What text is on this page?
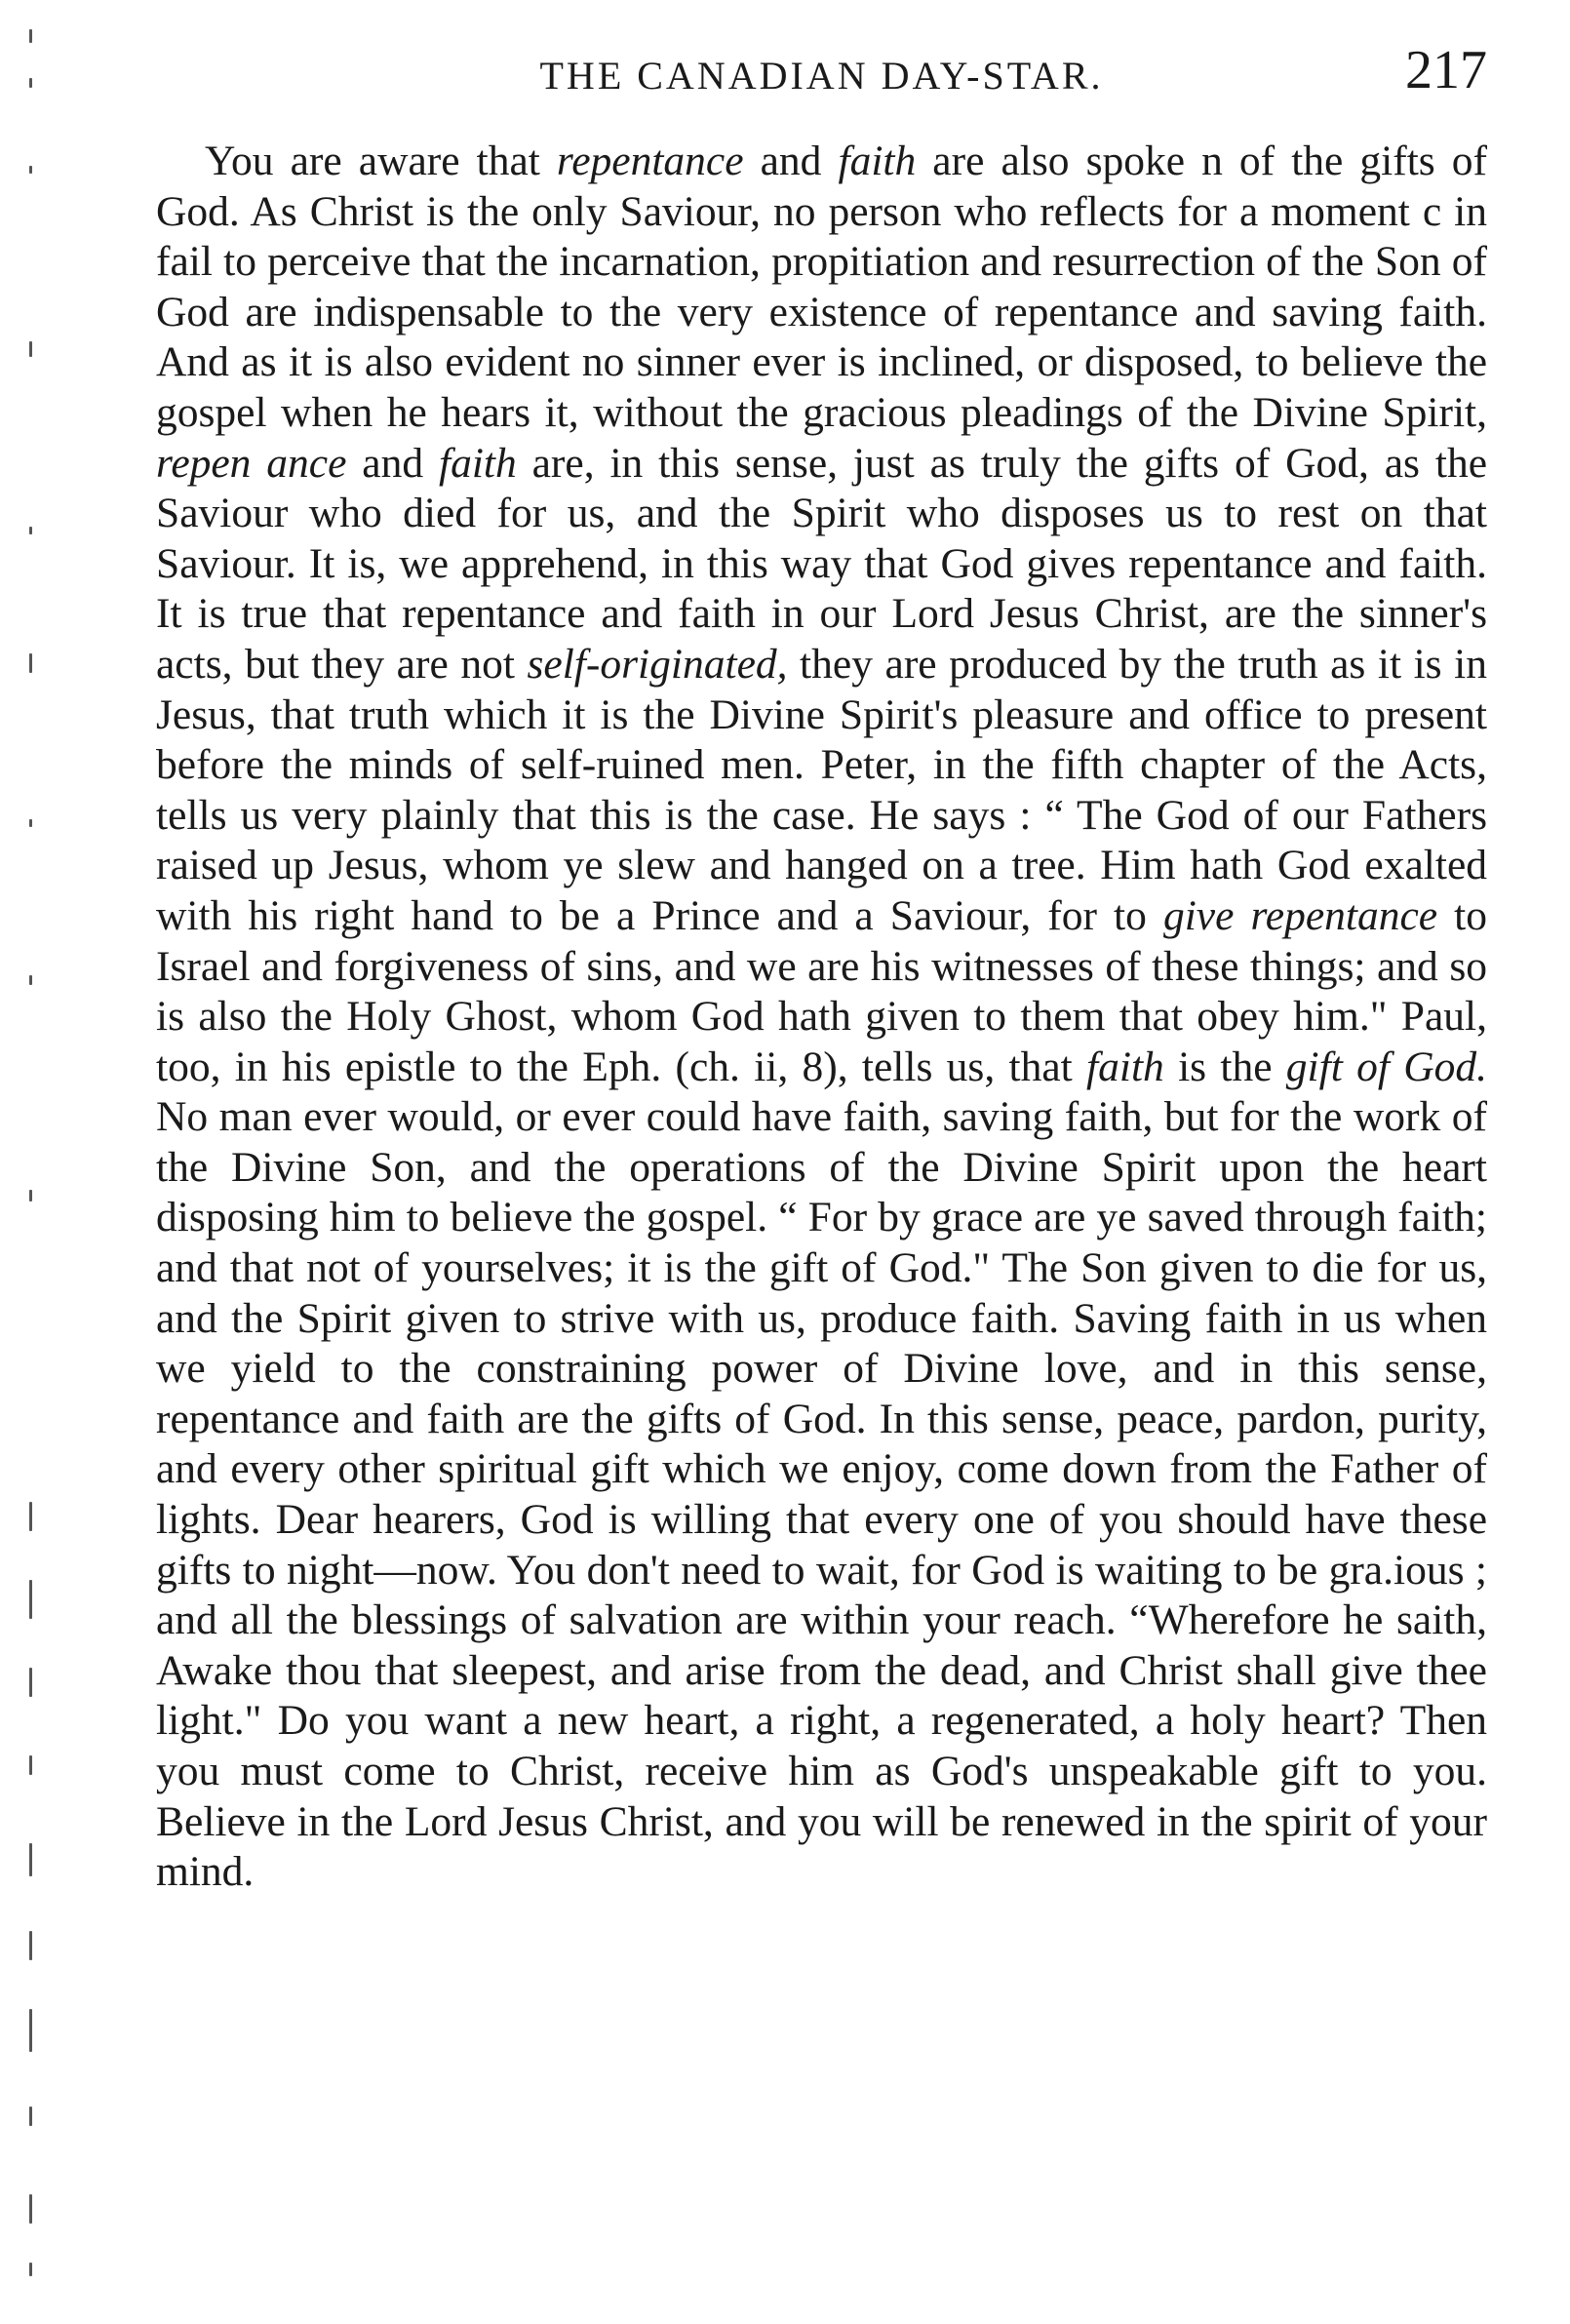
THE CANADIAN DAY-STAR.	217

You are aware that repentance and faith are also spoke n of the gifts of God. As Christ is the only Saviour, no person who reflects for a moment c in fail to perceive that the incarnation, propitiation and resurrection of the Son of God are indispensable to the very existence of repentance and saving faith. And as it is also evident no sinner ever is inclined, or disposed, to believe the gospel when he hears it, without the gracious pleadings of the Divine Spirit, repen ance and faith are, in this sense, just as truly the gifts of God, as the Saviour who died for us, and the Spirit who disposes us to rest on that Saviour. It is, we apprehend, in this way that God gives repentance and faith. It is true that repentance and faith in our Lord Jesus Christ, are the sinner's acts, but they are not self-originated, they are produced by the truth as it is in Jesus, that truth which it is the Divine Spirit's pleasure and office to present before the minds of self-ruined men. Peter, in the fifth chapter of the Acts, tells us very plainly that this is the case. He says : “ The God of our Fathers raised up Jesus, whom ye slew and hanged on a tree. Him hath God exalted with his right hand to be a Prince and a Saviour, for to give repentance to Israel and forgiveness of sins, and we are his witnesses of these things; and so is also the Holy Ghost, whom God hath given to them that obey him." Paul, too, in his epistle to the Eph. (ch. ii, 8), tells us, that faith is the gift of God. No man ever would, or ever could have faith, saving faith, but for the work of the Divine Son, and the operations of the Divine Spirit upon the heart disposing him to believe the gospel. “ For by grace are ye saved through faith; and that not of yourselves; it is the gift of God." The Son given to die for us, and the Spirit given to strive with us, produce faith. Saving faith in us when we yield to the constraining power of Divine love, and in this sense, repentance and faith are the gifts of God. In this sense, peace, pardon, purity, and every other spiritual gift which we enjoy, come down from the Father of lights. Dear hearers, God is willing that every one of you should have these gifts to night—now. You don't need to wait, for God is waiting to be gra.ious ; and all the blessings of salvation are within your reach. “Wherefore he saith, Awake thou that sleepest, and arise from the dead, and Christ shall give thee light." Do you want a new heart, a right, a regenerated, a holy heart? Then you must come to Christ, receive him as God's unspeakable gift to you. Believe in the Lord Jesus Christ, and you will be renewed in the spirit of your mind.
